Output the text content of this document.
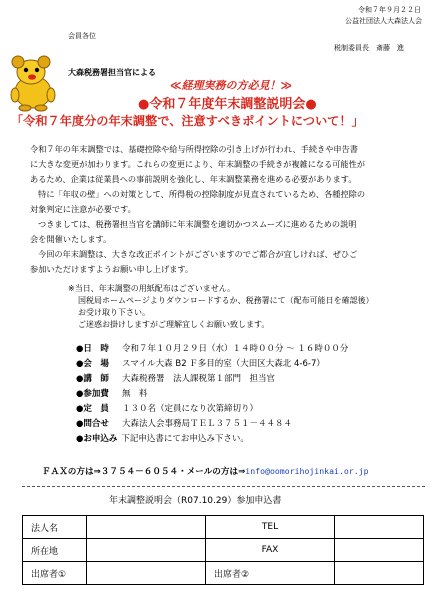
令和７年９月２２日
公益社団法人大森法人会
会員各位
税制委員長　斎藤　進
大森税務署担当官による
≪経理実務の方必見！≫
●令和７年度年末調整説明会●
「令和７年度分の年末調整で、注意すべきポイントについて！」

令和７年の年末調整では、基礎控除や給与所得控除の引き上げが行われ、手続きや申告書

に大きな変更が加わります。これらの変更により、年末調整の手続きが複雑になる可能性が

あるため、企業は従業員への事前説明を強化し、年末調整業務を進める必要があります。

特に「年収の壁」への対策として、所得税の控除制度が見直されているため、各種控除の

対象判定に注意が必要です。

つきましては、税務署担当官を講師に年末調整を適切かつスムーズに進めるための説明

会を開催いたします。

今回の年末調整は、大きな改正ポイントがございますのでご都合が宜しければ、ぜひご

参加いただけますようお願い申し上げます。

※当日、年末調整の用紙配布はございません。
国税局ホームページよりダウンロードするか、税務署にて（配布可能日を確認後）
お受け取り下さい。
ご迷惑お掛けしますがご理解宜しくお願い致します。
●日　時 令和７年１０月２９日（水）１４時００分 ～ １６時００分
●会　場 スマイル大森 B2 Ｆ多目的室（大田区大森北 4-6-7）
●講　師 大森税務署　法人課税第１部門　担当官
●参加費 無　料
●定　員 １３０名（定員になり次第締切り）
●問合せ 大森法人会事務局ＴＥＬ３７５１－４４８４
●お申込み 下記申込書にてお申込み下さい。
ＦＡＸの方は⇒３７５４－６０５４・メールの方は⇒info@oomorihojinkai.or.jp
年末調整説明会（R07.10.29）参加申込書
法人名		TEL	
所在地		FAX	
出席者①		出席者②	
